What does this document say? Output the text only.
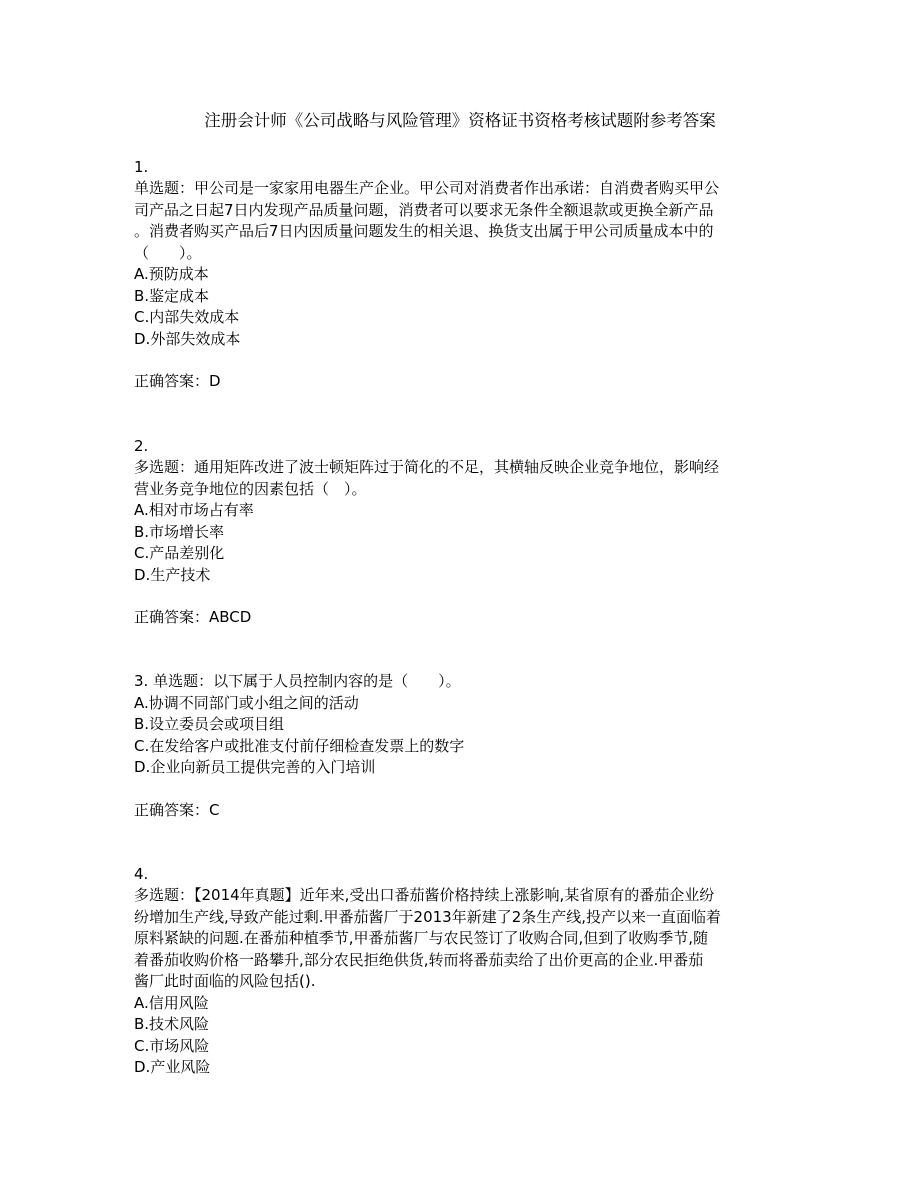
注册会计师《公司战略与风险管理》资格证书资格考核试题附参考答案
1.
单选题：甲公司是一家家用电器生产企业。甲公司对消费者作出承诺：自消费者购买甲公
司产品之日起7日内发现产品质量问题，消费者可以要求无条件全额退款或更换全新产品
。消费者购买产品后7日内因质量问题发生的相关退、换货支出属于甲公司质量成本中的
（　　）。
A.预防成本
B.鉴定成本
C.内部失效成本
D.外部失效成本
正确答案：D
2.
多选题：通用矩阵改进了波士顿矩阵过于简化的不足，其横轴反映企业竞争地位，影响经
营业务竞争地位的因素包括（　）。
A.相对市场占有率
B.市场增长率
C.产品差别化
D.生产技术
正确答案：ABCD
3. 单选题：以下属于人员控制内容的是（　　）。
A.协调不同部门或小组之间的活动
B.设立委员会或项目组
C.在发给客户或批准支付前仔细检查发票上的数字
D.企业向新员工提供完善的入门培训
正确答案：C
4.
多选题：【2014年真题】近年来,受出口番茄酱价格持续上涨影响,某省原有的番茄企业纷
纷增加生产线,导致产能过剩.甲番茄酱厂于2013年新建了2条生产线,投产以来一直面临着
原料紧缺的问题.在番茄种植季节,甲番茄酱厂与农民签订了收购合同,但到了收购季节,随
着番茄收购价格一路攀升,部分农民拒绝供货,转而将番茄卖给了出价更高的企业.甲番茄
酱厂此时面临的风险包括().
A.信用风险
B.技术风险
C.市场风险
D.产业风险
